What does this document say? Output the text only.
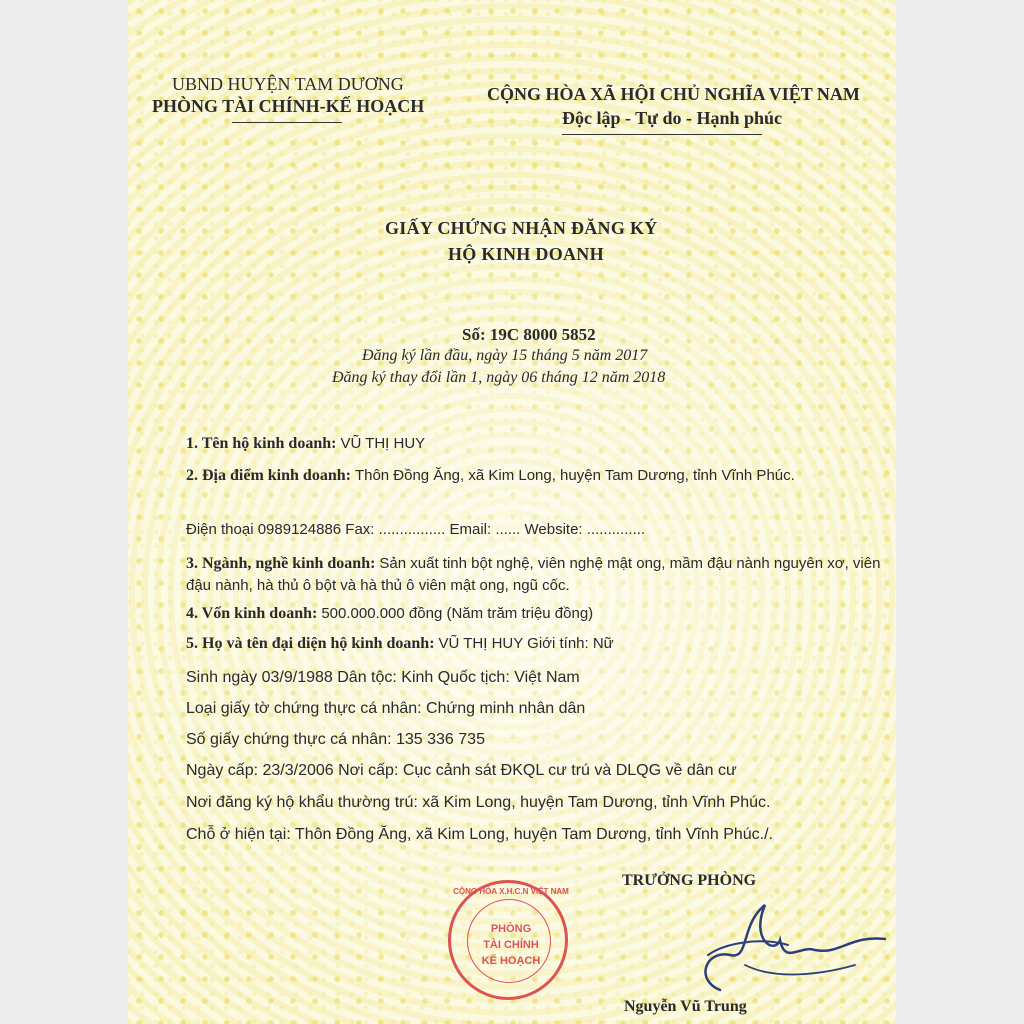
UBND HUYỆN TAM DƯƠNG
PHÒNG TÀI CHÍNH-KẾ HOẠCH
CỘNG HÒA XÃ HỘI CHỦ NGHĨA VIỆT NAM
Độc lập - Tự do - Hạnh phúc
GIẤY CHỨNG NHẬN ĐĂNG KÝ
HỘ KINH DOANH
Số: 19C 8000 5852
Đăng ký lần đầu, ngày 15 tháng 5 năm 2017
Đăng ký thay đổi lần 1, ngày 06 tháng 12 năm 2018
1. Tên hộ kinh doanh: VŨ THỊ HUY
2. Địa điểm kinh doanh: Thôn Đồng Ăng, xã Kim Long, huyện Tam Dương, tỉnh Vĩnh Phúc.
Điện thoại 0989124886 Fax: ................ Email: ...... Website: ..............
3. Ngành, nghề kinh doanh: Sản xuất tinh bột nghệ, viên nghệ mật ong, mầm đậu nành nguyên xơ, viên đậu nành, hà thủ ô bột và hà thủ ô viên mật ong, ngũ cốc.
4. Vốn kinh doanh: 500.000.000 đồng (Năm trăm triệu đồng)
5. Họ và tên đại diện hộ kinh doanh: VŨ THỊ HUY Giới tính: Nữ
Sinh ngày 03/9/1988 Dân tộc: Kinh Quốc tịch: Việt Nam
Loại giấy tờ chứng thực cá nhân: Chứng minh nhân dân
Số giấy chứng thực cá nhân: 135 336 735
Ngày cấp: 23/3/2006 Nơi cấp: Cục cảnh sát ĐKQL cư trú và DLQG về dân cư
Nơi đăng ký hộ khẩu thường trú: xã Kim Long, huyện Tam Dương, tỉnh Vĩnh Phúc.
Chỗ ở hiện tại: Thôn Đồng Ăng, xã Kim Long, huyện Tam Dương, tỉnh Vĩnh Phúc./.
TRƯỞNG PHÒNG
CỘNG HÒA X.H.C.N VIỆT NAM
PHÒNG
TÀI CHÍNH
KẾ HOẠCH
Nguyễn Vũ Trung
